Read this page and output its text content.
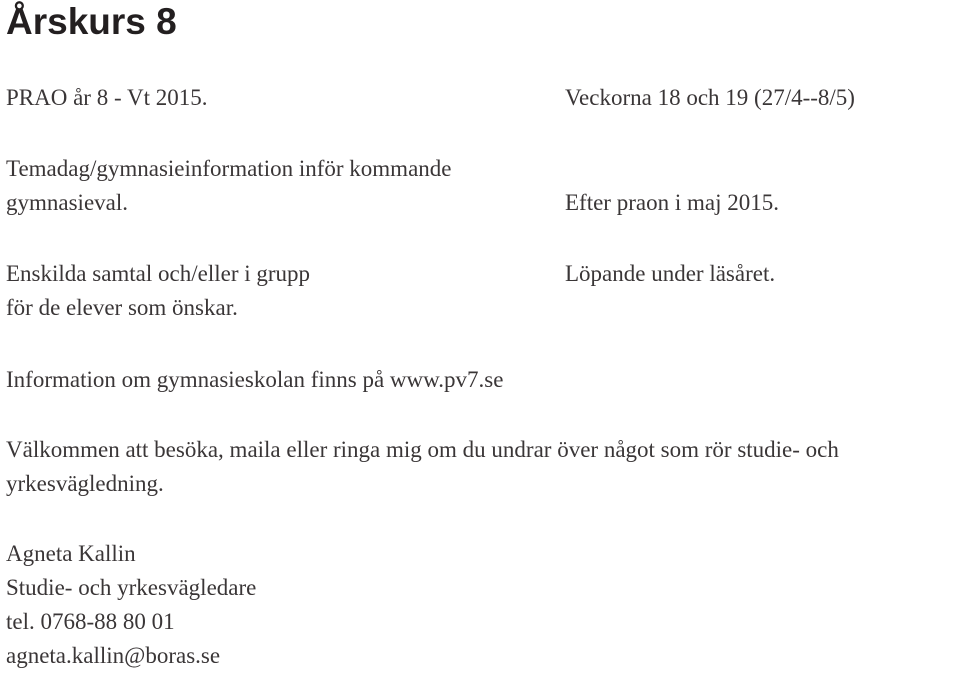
Årskurs 8
PRAO år 8 - Vt 2015.	Veckorna 18 och 19 (27/4--8/5)
Temadag/gymnasieinformation inför kommande
gymnasieval.	Efter praon i maj 2015.
Enskilda samtal och/eller i grupp
för de elever som önskar.
Löpande under läsåret.
Information om gymnasieskolan finns på www.pv7.se
Välkommen att besöka, maila eller ringa mig om du undrar över något som rör studie- och
yrkesvägledning.
Agneta Kallin
Studie- och yrkesvägledare
tel. 0768-88 80 01
agneta.kallin@boras.se
